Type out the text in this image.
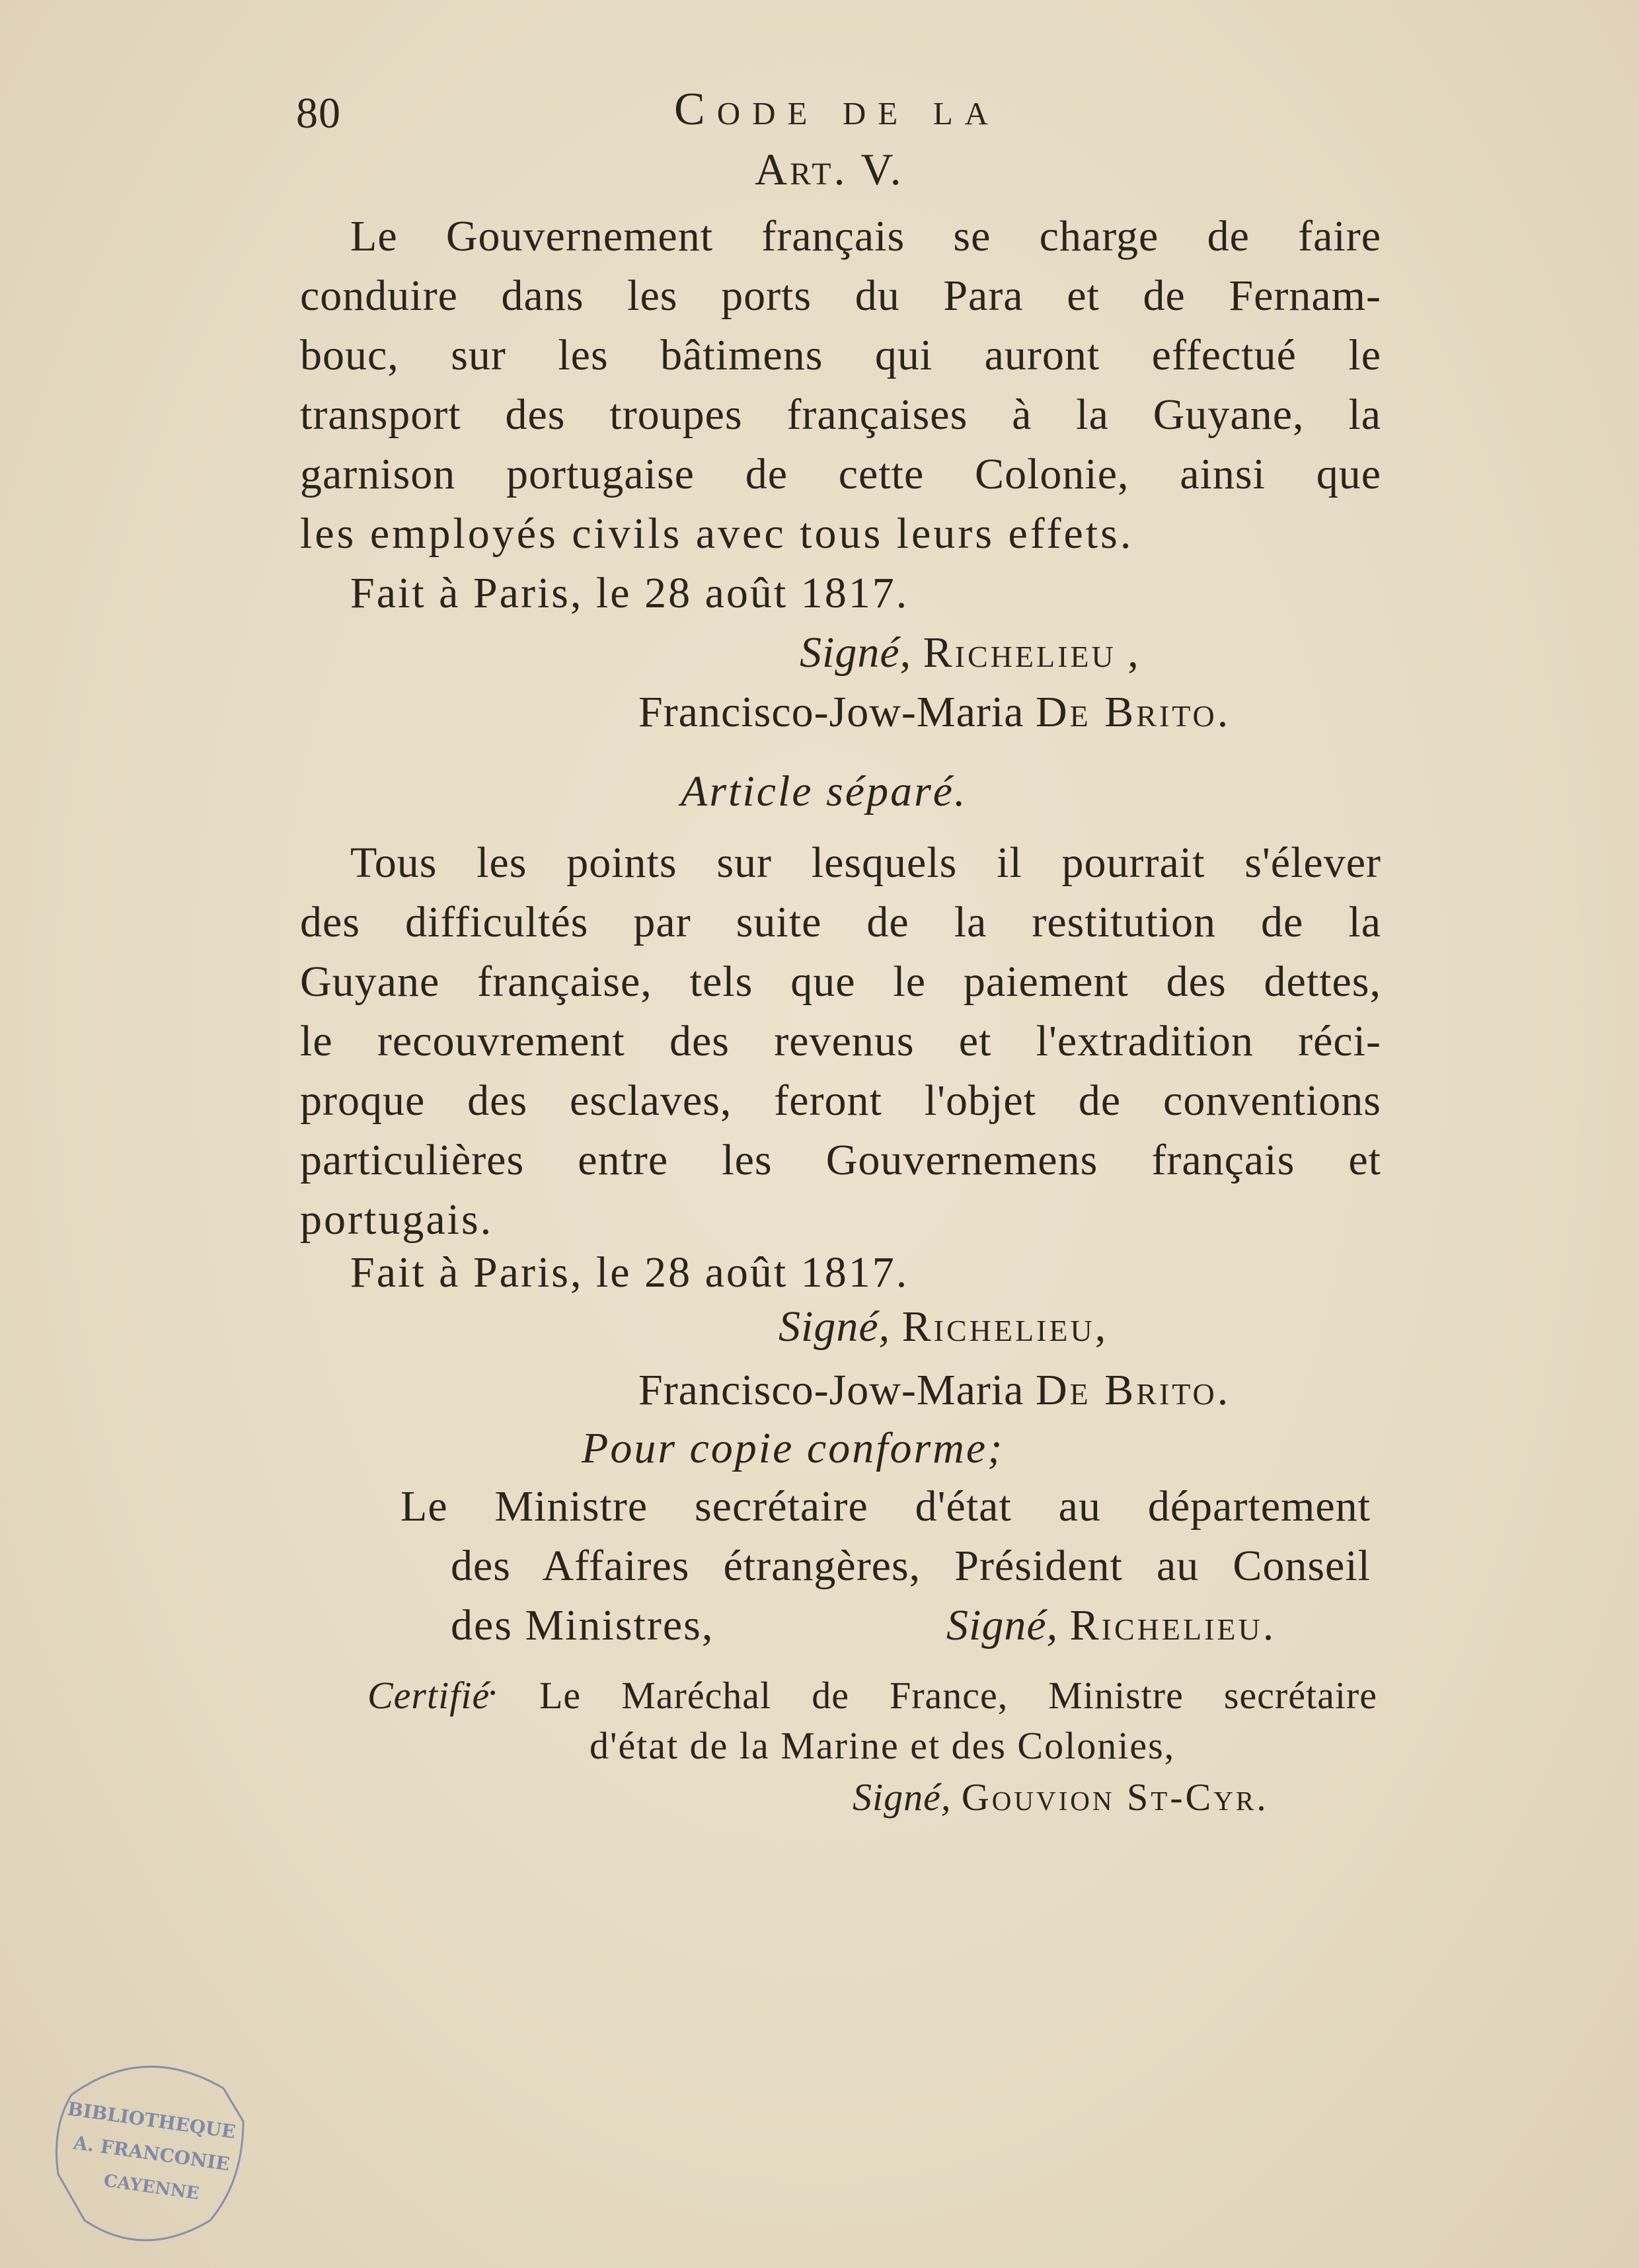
80	Code de la
Art. V.
Le Gouvernement français se charge de faire
conduire dans les ports du Para et de Fernam-
bouc, sur les bâtimens qui auront effectué le
transport des troupes françaises à la Guyane, la
garnison portugaise de cette Colonie, ainsi que
les employés civils avec tous leurs effets.
Fait à Paris, le 28 août 1817.
Signé, Richelieu ,
Francisco-Jow-Maria De Brito.
Article séparé.
Tous les points sur lesquels il pourrait s'élever
des difficultés par suite de la restitution de la
Guyane française, tels que le paiement des dettes,
le recouvrement des revenus et l'extradition réci-
proque des esclaves, feront l'objet de conventions
particulières entre les Gouvernemens français et
portugais.
Fait à Paris, le 28 août 1817.
Signé, Richelieu,
Francisco-Jow-Maria De Brito.
Pour copie conforme;
Le Ministre secrétaire d'état au département
des Affaires étrangères, Président au Conseil
des Ministres,	Signé, Richelieu.
Certifié
· Le Maréchal de France, Ministre secrétaire
d'état de la Marine et des Colonies,
Signé, Gouvion St-Cyr.
BIBLIOTHEQUE
A. FRANCONIE
CAYENNE
